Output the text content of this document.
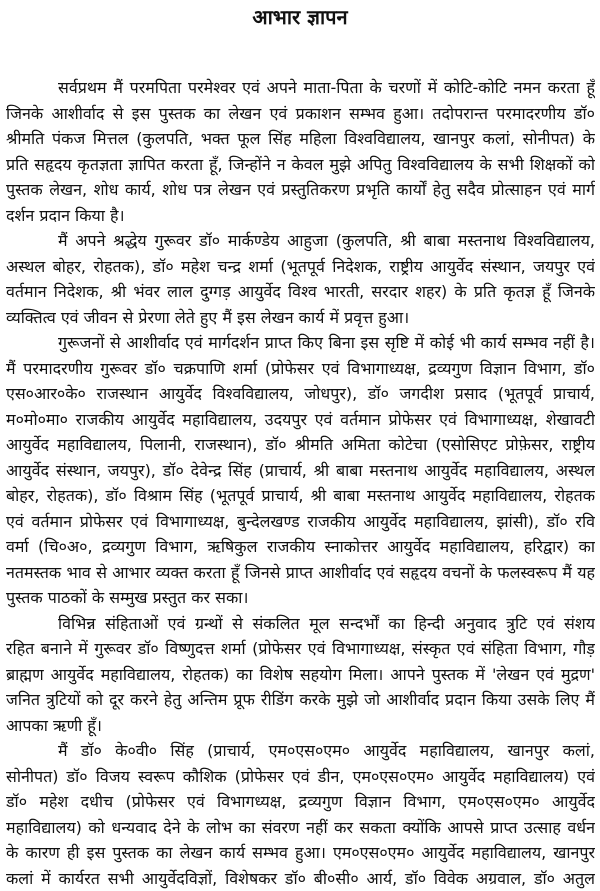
आभार ज्ञापन
सर्वप्रथम मैं परमपिता परमेश्वर एवं अपने माता-पिता के चरणों में कोटि-कोटि नमन करता हूँ
जिनके आशीर्वाद से इस पुस्तक का लेखन एवं प्रकाशन सम्भव हुआ। तदोपरान्त परमादरणीय डॉ०
श्रीमति पंकज मित्तल (कुलपति, भक्त फूल सिंह महिला विश्वविद्यालय, खानपुर कलां, सोनीपत) के
प्रति सहृदय कृतज्ञता ज्ञापित करता हूँ, जिन्होंने न केवल मुझे अपितु विश्वविद्यालय के सभी शिक्षकों को
पुस्तक लेखन, शोध कार्य, शोध पत्र लेखन एवं प्रस्तुतिकरण प्रभृति कार्यों हेतु सदैव प्रोत्साहन एवं मार्ग
दर्शन प्रदान किया है।
मैं अपने श्रद्धेय गुरूवर डॉ० मार्कण्डेय आहुजा (कुलपति, श्री बाबा मस्तनाथ विश्वविद्यालय,
अस्थल बोहर, रोहतक), डॉ० महेश चन्द्र शर्मा (भूतपूर्व निदेशक, राष्ट्रीय आयुर्वेद संस्थान, जयपुर एवं
वर्तमान निदेशक, श्री भंवर लाल दुग्गड़ आयुर्वेद विश्व भारती, सरदार शहर) के प्रति कृतज्ञ हूँ जिनके
व्यक्तित्व एवं जीवन से प्रेरणा लेते हुए मैं इस लेखन कार्य में प्रवृत्त हुआ।
गुरूजनों से आशीर्वाद एवं मार्गदर्शन प्राप्त किए बिना इस सृष्टि में कोई भी कार्य सम्भव नहीं है।
मैं परमादरणीय गुरूवर डॉ० चक्रपाणि शर्मा (प्रोफेसर एवं विभागाध्यक्ष, द्रव्यगुण विज्ञान विभाग, डॉ०
एस०आर०के० राजस्थान आयुर्वेद विश्वविद्यालय, जोधपुर), डॉ० जगदीश प्रसाद (भूतपूर्व प्राचार्य,
म०मो०मा० राजकीय आयुर्वेद महाविद्यालय, उदयपुर एवं वर्तमान प्रोफेसर एवं विभागाध्यक्ष, शेखावटी
आयुर्वेद महाविद्यालय, पिलानी, राजस्थान), डॉ० श्रीमति अमिता कोटेचा (एसोसिएट प्रोफ़ेसर, राष्ट्रीय
आयुर्वेद संस्थान, जयपुर), डॉ० देवेन्द्र सिंह (प्राचार्य, श्री बाबा मस्तनाथ आयुर्वेद महाविद्यालय, अस्थल
बोहर, रोहतक), डॉ० विश्राम सिंह (भूतपूर्व प्राचार्य, श्री बाबा मस्तनाथ आयुर्वेद महाविद्यालय, रोहतक
एवं वर्तमान प्रोफेसर एवं विभागाध्यक्ष, बुन्देलखण्ड राजकीय आयुर्वेद महाविद्यालय, झांसी), डॉ० रवि
वर्मा (चि०अ०, द्रव्यगुण विभाग, ऋषिकुल राजकीय स्नाकोत्तर आयुर्वेद महाविद्यालय, हरिद्वार) का
नतमस्तक भाव से आभार व्यक्त करता हूँ जिनसे प्राप्त आशीर्वाद एवं सहृदय वचनों के फलस्वरूप मैं यह
पुस्तक पाठकों के सम्मुख प्रस्तुत कर सका।
विभिन्न संहिताओं एवं ग्रन्थों से संकलित मूल सन्दर्भों का हिन्दी अनुवाद त्रुटि एवं संशय
रहित बनाने में गुरूवर डॉ० विष्णुदत्त शर्मा (प्रोफेसर एवं विभागाध्यक्ष, संस्कृत एवं संहिता विभाग, गौड़
ब्राह्मण आयुर्वेद महाविद्यालय, रोहतक) का विशेष सहयोग मिला। आपने पुस्तक में 'लेखन एवं मुद्रण'
जनित त्रुटियों को दूर करने हेतु अन्तिम प्रूफ रीडिंग करके मुझे जो आशीर्वाद प्रदान किया उसके लिए मैं
आपका ऋणी हूँ।
मैं डॉ० के०वी० सिंह (प्राचार्य, एम०एस०एम० आयुर्वेद महाविद्यालय, खानपुर कलां,
सोनीपत) डॉ० विजय स्वरूप कौशिक (प्रोफेसर एवं डीन, एम०एस०एम० आयुर्वेद महाविद्यालय) एवं
डॉ० महेश दधीच (प्रोफेसर एवं विभागध्यक्ष, द्रव्यगुण विज्ञान विभाग, एम०एस०एम० आयुर्वेद
महाविद्यालय) को धन्यवाद देने के लोभ का संवरण नहीं कर सकता क्योंकि आपसे प्राप्त उत्साह वर्धन
के कारण ही इस पुस्तक का लेखन कार्य सम्भव हुआ। एम०एस०एम० आयुर्वेद महाविद्यालय, खानपुर
कलां में कार्यरत सभी आयुर्वेदविज्ञों, विशेषकर डॉ० बी०सी० आर्य, डॉ० विवेक अग्रवाल, डॉ० अतुल
